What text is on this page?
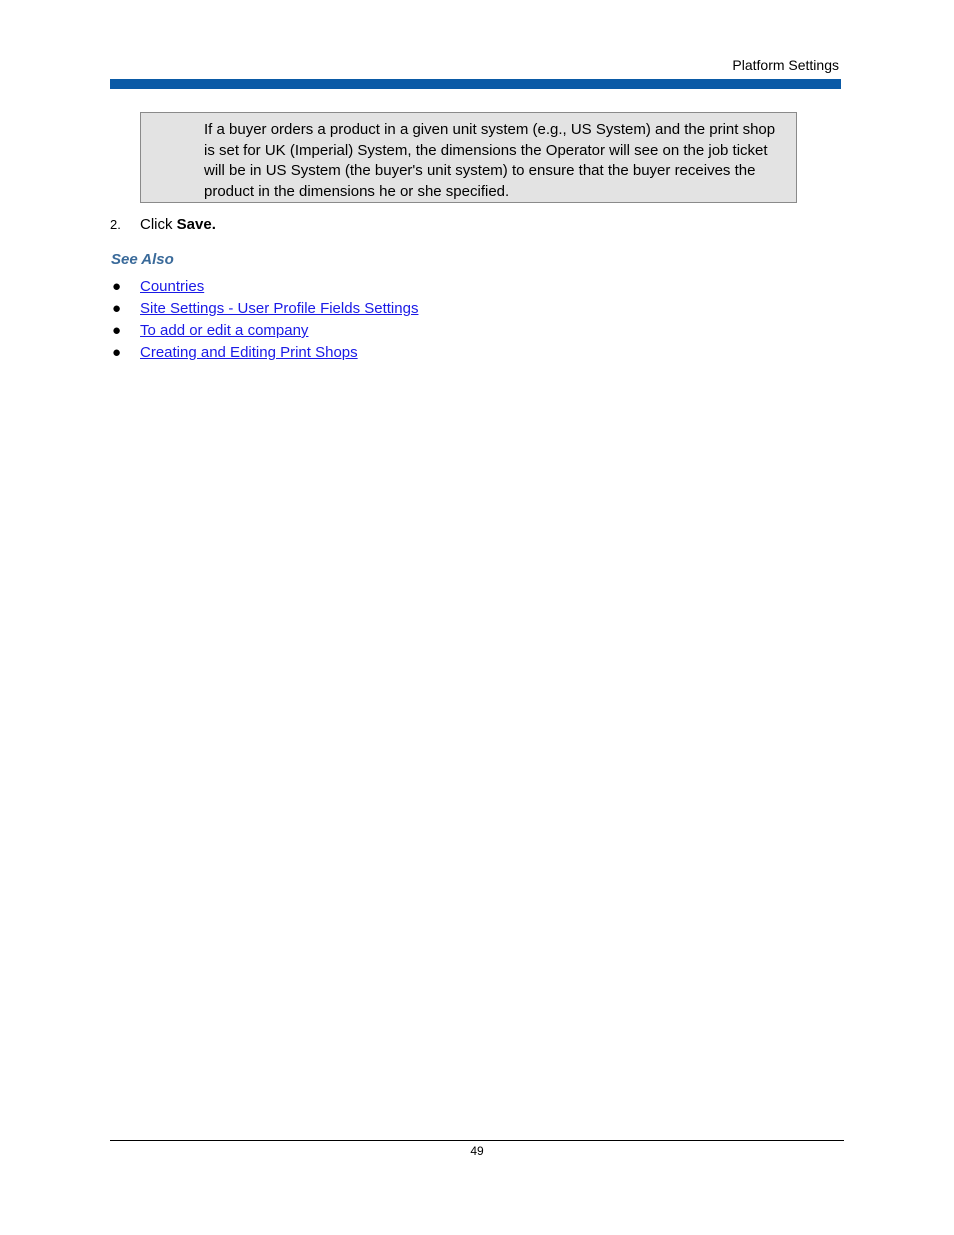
Platform Settings

If a buyer orders a product in a given unit system (e.g., US System) and the print shop is set for UK (Imperial) System, the dimensions the Operator will see on the job ticket will be in US System (the buyer's unit system) to ensure that the buyer receives the product in the dimensions he or she specified.

2. Click Save.

See Also

● Countries
● Site Settings - User Profile Fields Settings
● To add or edit a company
● Creating and Editing Print Shops
49
